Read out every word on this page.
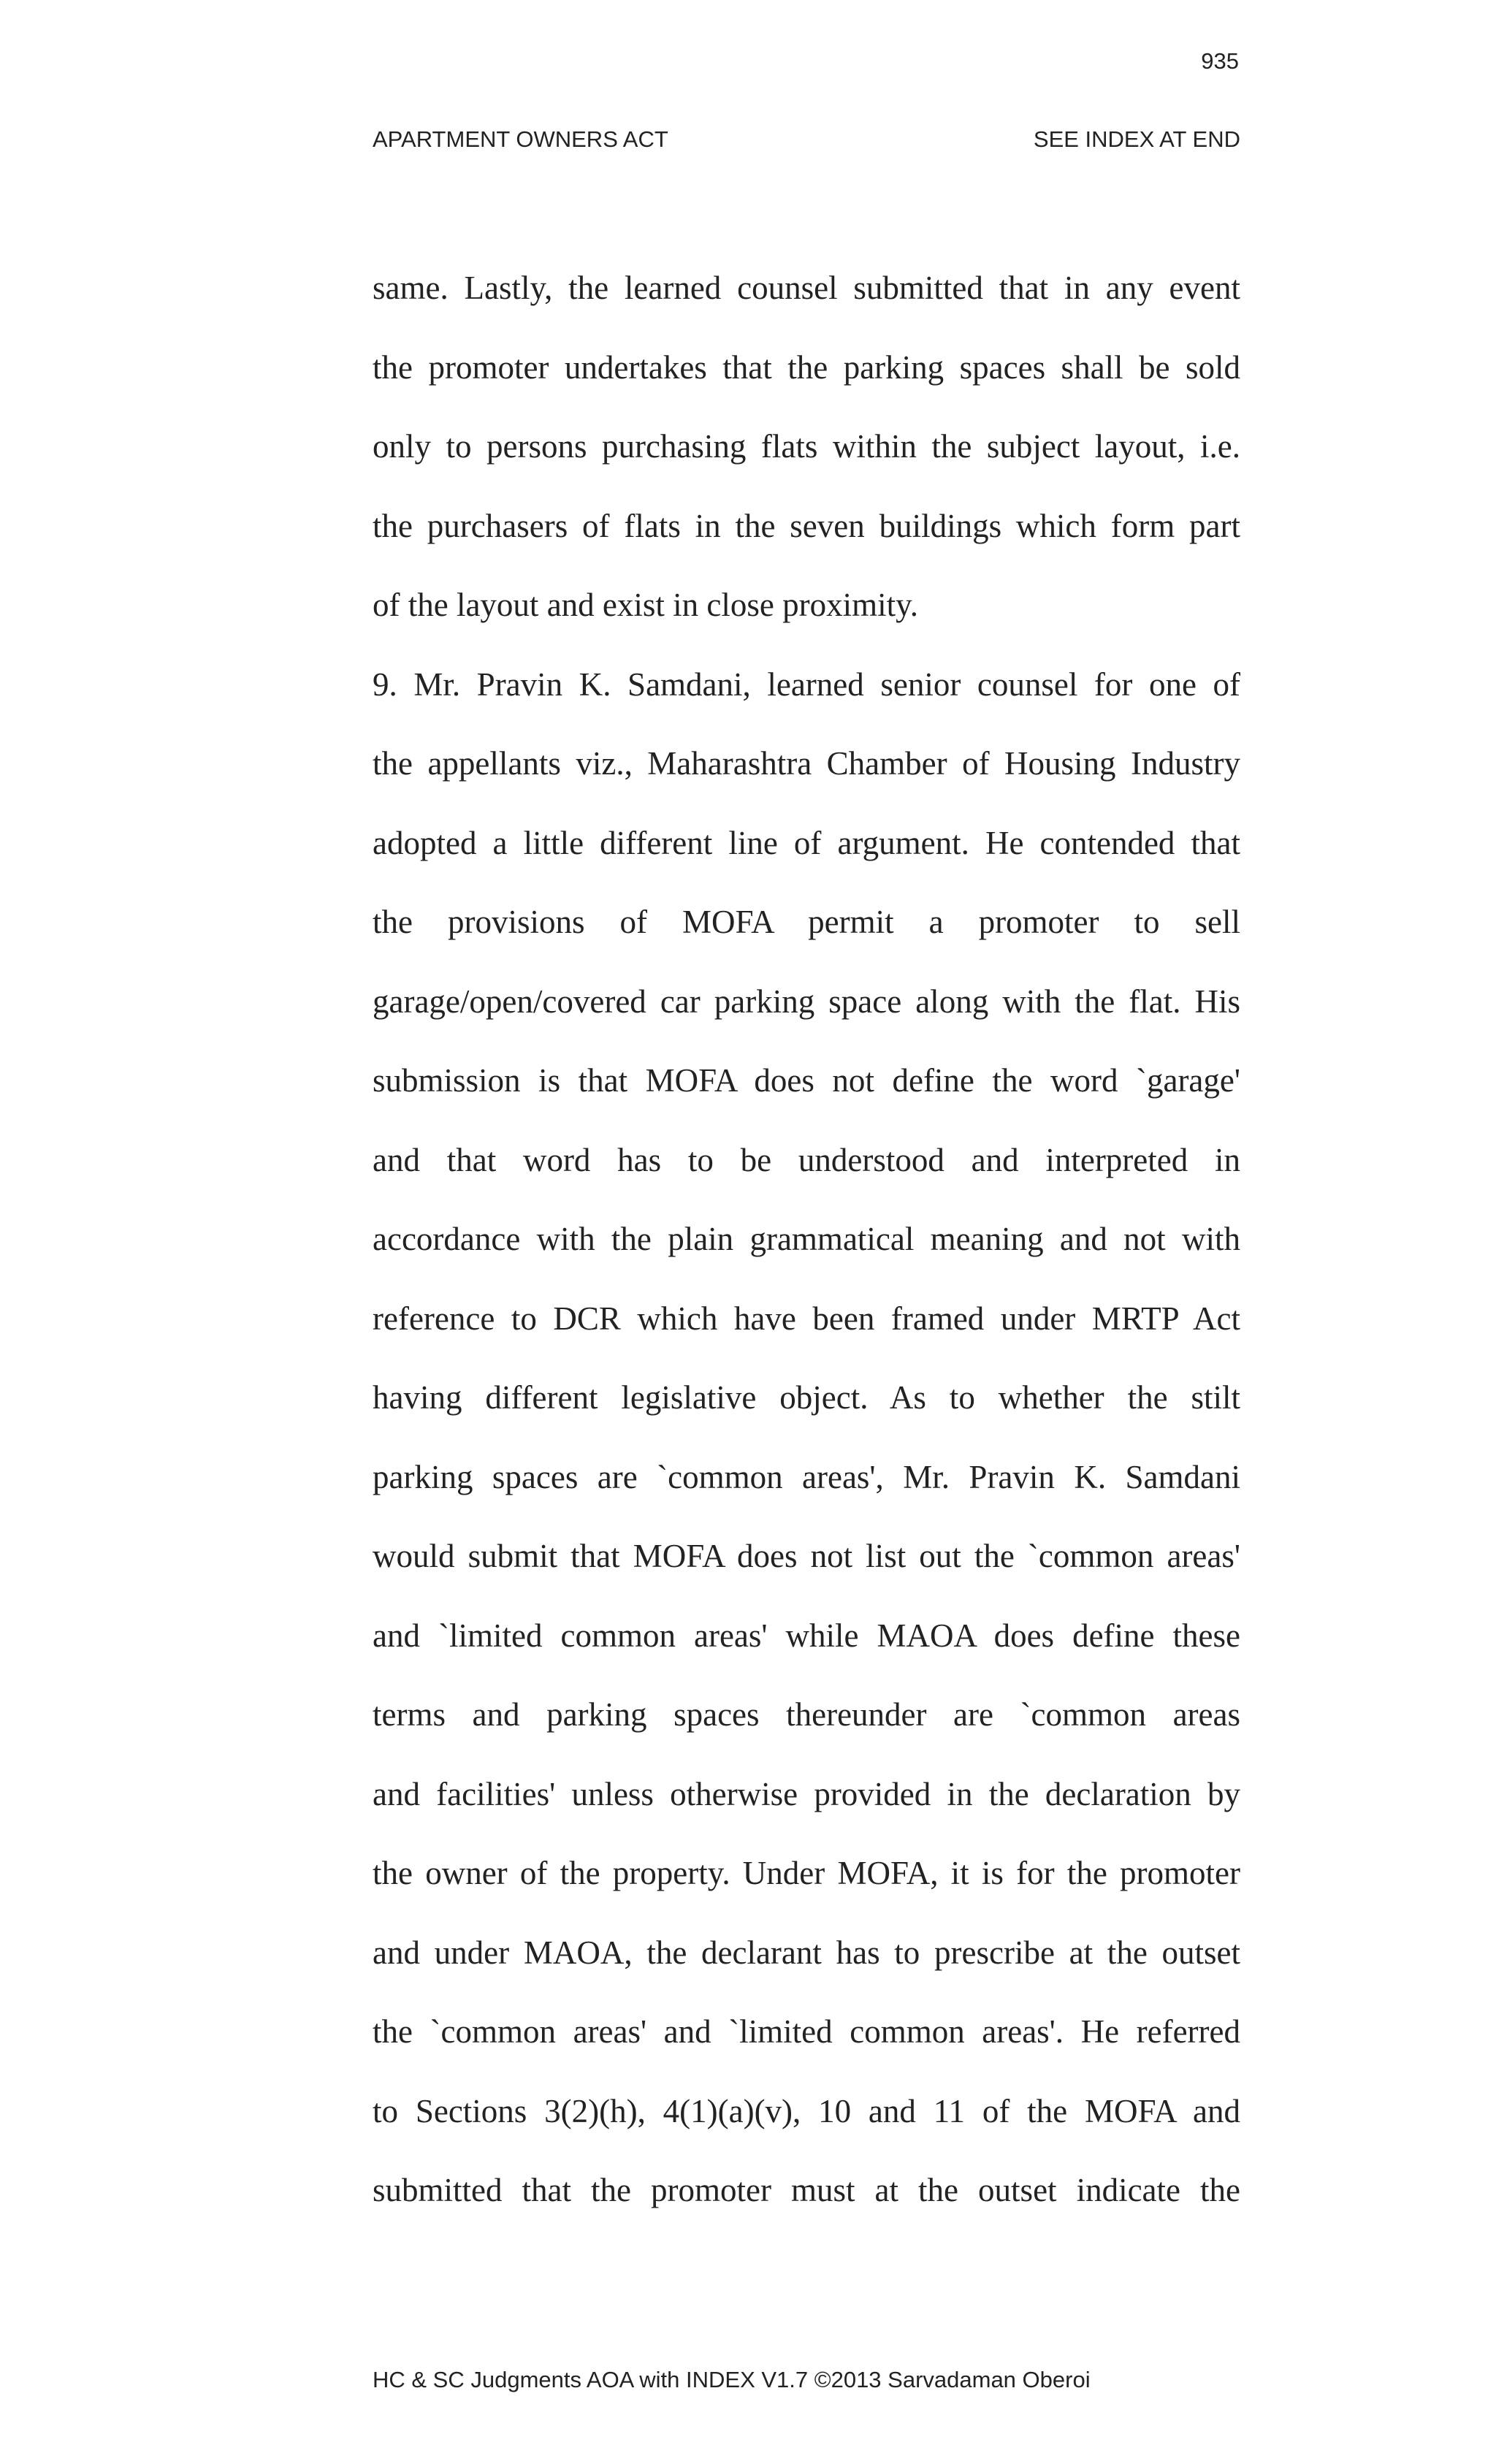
935
APARTMENT OWNERS ACT	SEE INDEX AT END
same. Lastly, the learned counsel submitted that in any event
the promoter undertakes that the parking spaces shall be sold
only to persons purchasing flats within the subject layout, i.e.
the purchasers of flats in the seven buildings which form part
of the layout and exist in close proximity.
9. Mr. Pravin K. Samdani, learned senior counsel for one of
the appellants viz., Maharashtra Chamber of Housing Industry
adopted a little different line of argument. He contended that
the provisions of MOFA permit a promoter to sell
garage/open/covered car parking space along with the flat. His
submission is that MOFA does not define the word `garage'
and that word has to be understood and interpreted in
accordance with the plain grammatical meaning and not with
reference to DCR which have been framed under MRTP Act
having different legislative object. As to whether the stilt
parking spaces are `common areas', Mr. Pravin K. Samdani
would submit that MOFA does not list out the `common areas'
and `limited common areas' while MAOA does define these
terms and parking spaces thereunder are `common areas
and facilities' unless otherwise provided in the declaration by
the owner of the property. Under MOFA, it is for the promoter
and under MAOA, the declarant has to prescribe at the outset
the `common areas' and `limited common areas'. He referred
to Sections 3(2)(h), 4(1)(a)(v), 10 and 11 of the MOFA and
submitted that the promoter must at the outset indicate the
HC & SC Judgments AOA with INDEX V1.7 ©2013 Sarvadaman Oberoi
